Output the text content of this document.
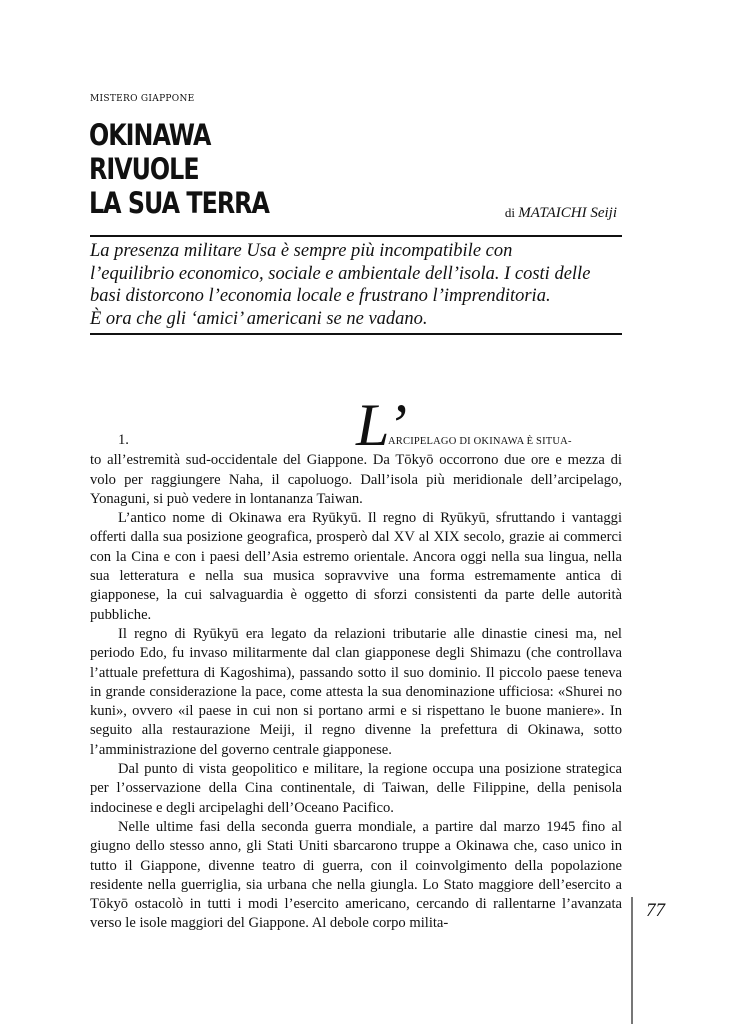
MISTERO GIAPPONE
OKINAWA
RIVUOLE
LA SUA TERRA	di MATAICHI Seiji
La presenza militare Usa è sempre più incompatibile con
l’equilibrio economico, sociale e ambientale dell’isola. I costi delle
basi distorcono l’economia locale e frustrano l’imprenditoria.
È ora che gli ‘amici’ americani se ne vadano.
L’
1.	ARCIPELAGO DI OKINAWA È SITUA-

to all’estremità sud-occidentale del Giappone. Da Tōkyō occorrono due ore e mezza di volo per raggiungere Naha, il capoluogo. Dall’isola più meridionale dell’arcipelago, Yonaguni, si può vedere in lontananza Taiwan.

L’antico nome di Okinawa era Ryūkyū. Il regno di Ryūkyū, sfruttando i vantaggi offerti dalla sua posizione geografica, prosperò dal XV al XIX secolo, grazie ai commerci con la Cina e con i paesi dell’Asia estremo orientale. Ancora oggi nella sua lingua, nella sua letteratura e nella sua musica sopravvive una forma estremamente antica di giapponese, la cui salvaguardia è oggetto di sforzi consistenti da parte delle autorità pubbliche.

Il regno di Ryūkyū era legato da relazioni tributarie alle dinastie cinesi ma, nel periodo Edo, fu invaso militarmente dal clan giapponese degli Shimazu (che controllava l’attuale prefettura di Kagoshima), passando sotto il suo dominio. Il piccolo paese teneva in grande considerazione la pace, come attesta la sua denominazione ufficiosa: «Shurei no kuni», ovvero «il paese in cui non si portano armi e si rispettano le buone maniere». In seguito alla restaurazione Meiji, il regno divenne la prefettura di Okinawa, sotto l’amministrazione del governo centrale giapponese.

Dal punto di vista geopolitico e militare, la regione occupa una posizione strategica per l’osservazione della Cina continentale, di Taiwan, delle Filippine, della penisola indocinese e degli arcipelaghi dell’Oceano Pacifico.

Nelle ultime fasi della seconda guerra mondiale, a partire dal marzo 1945 fino al giugno dello stesso anno, gli Stati Uniti sbarcarono truppe a Okinawa che, caso unico in tutto il Giappone, divenne teatro di guerra, con il coinvolgimento della popolazione residente nella guerriglia, sia urbana che nella giungla. Lo Stato maggiore dell’esercito a Tōkyō ostacolò in tutti i modi l’esercito americano, cercando di rallentarne l’avanzata verso le isole maggiori del Giappone. Al debole corpo milita-

77
